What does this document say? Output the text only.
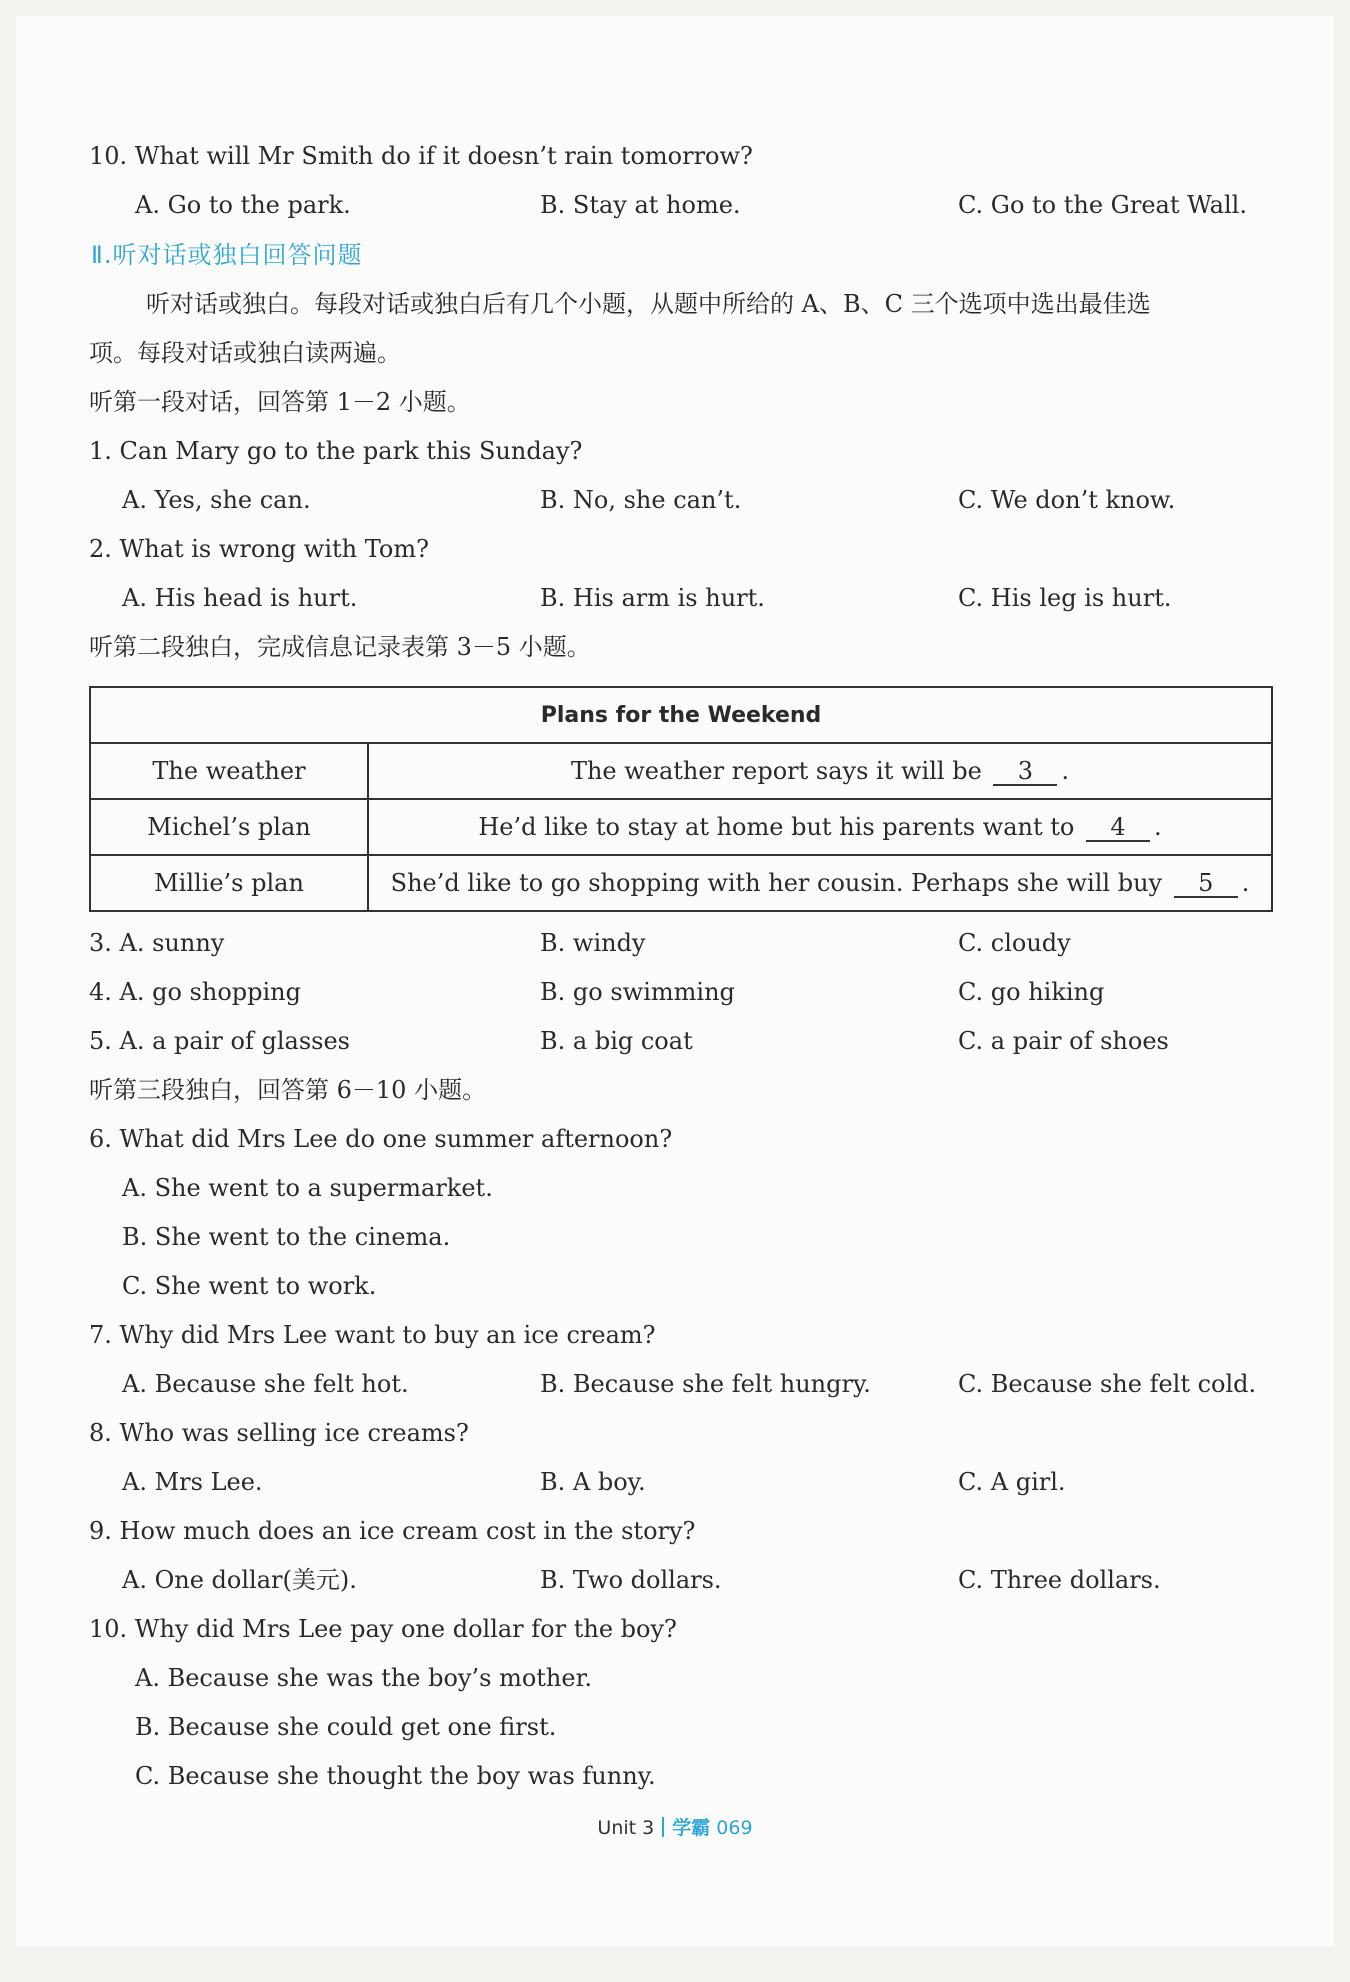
10. What will Mr Smith do if it doesn’t rain tomorrow?
A. Go to the park.	B. Stay at home.	C. Go to the Great Wall.
Ⅱ.听对话或独白回答问题
听对话或独白。每段对话或独白后有几个小题，从题中所给的 A、B、C 三个选项中选出最佳选
项。每段对话或独白读两遍。
听第一段对话，回答第 1－2 小题。
1. Can Mary go to the park this Sunday?
A. Yes, she can.	B. No, she can’t.	C. We don’t know.
2. What is wrong with Tom?
A. His head is hurt.	B. His arm is hurt.	C. His leg is hurt.
听第二段独白，完成信息记录表第 3－5 小题。
Plans for the Weekend	
The weather	The weather report says it will be 3 .
Michel’s plan	He’d like to stay at home but his parents want to 4 .
Millie’s plan	She’d like to go shopping with her cousin. Perhaps she will buy 5 .
3. A. sunny	B. windy	C. cloudy
4. A. go shopping	B. go swimming	C. go hiking
5. A. a pair of glasses	B. a big coat	C. a pair of shoes
听第三段独白，回答第 6－10 小题。
6. What did Mrs Lee do one summer afternoon?
A. She went to a supermarket.
B. She went to the cinema.
C. She went to work.
7. Why did Mrs Lee want to buy an ice cream?
A. Because she felt hot.	B. Because she felt hungry.	C. Because she felt cold.
8. Who was selling ice creams?
A. Mrs Lee.	B. A boy.	C. A girl.
9. How much does an ice cream cost in the story?
A. One dollar(美元).	B. Two dollars.	C. Three dollars.
10. Why did Mrs Lee pay one dollar for the boy?
A. Because she was the boy’s mother.
B. Because she could get one first.
C. Because she thought the boy was funny.
Unit 3 学霸 069
